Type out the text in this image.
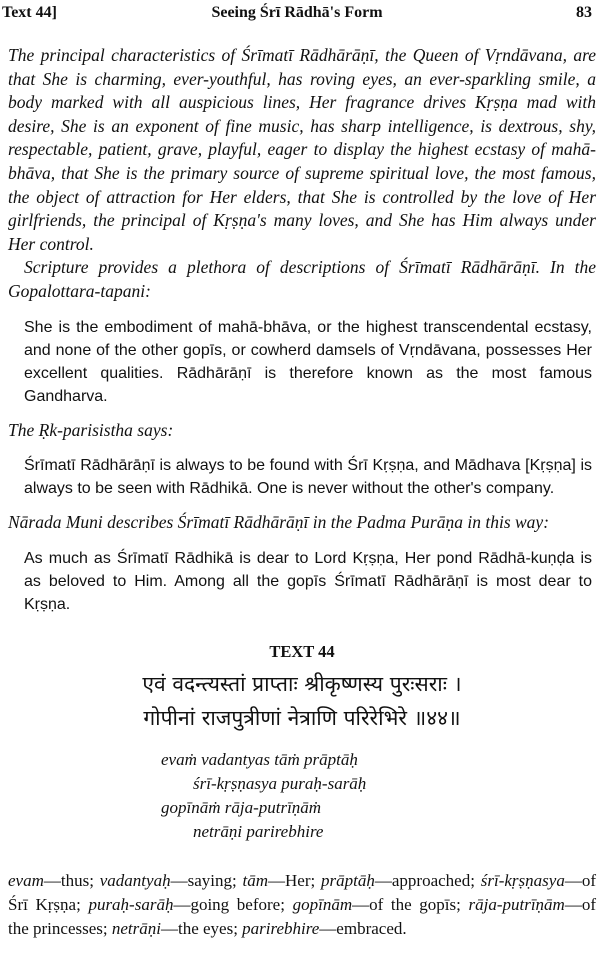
Text 44]	Seeing Śrī Rādhā's Form	83

The principal characteristics of Śrīmatī Rādhārāṇī, the Queen of Vṛndāvana, are that She is charming, ever-youthful, has roving eyes, an ever-sparkling smile, a body marked with all auspicious lines, Her fragrance drives Kṛṣṇa mad with desire, She is an exponent of fine music, has sharp intelligence, is dextrous, shy, respectable, patient, grave, playful, eager to display the highest ecstasy of mahā-bhāva, that She is the primary source of supreme spiritual love, the most famous, the object of attraction for Her elders, that She is controlled by the love of Her girlfriends, the principal of Kṛṣṇa's many loves, and She has Him always under Her control.

Scripture provides a plethora of descriptions of Śrīmatī Rādhārāṇī. In the Gopalottara-tapani:

She is the embodiment of mahā-bhāva, or the highest transcendental ecstasy, and none of the other gopīs, or cowherd damsels of Vṛndāvana, possesses Her excellent qualities. Rādhārāṇī is therefore known as the most famous Gandharva.

The Ṛk-parisistha says:

Śrīmatī Rādhārāṇī is always to be found with Śrī Kṛṣṇa, and Mādhava [Kṛṣṇa] is always to be seen with Rādhikā. One is never without the other's company.

Nārada Muni describes Śrīmatī Rādhārāṇī in the Padma Purāṇa in this way:

As much as Śrīmatī Rādhikā is dear to Lord Kṛṣṇa, Her pond Rādhā-kuṇḍa is as beloved to Him. Among all the gopīs Śrīmatī Rādhārāṇī is most dear to Kṛṣṇa.

TEXT 44
एवं वदन्त्यस्तां प्राप्ताः श्रीकृष्णस्य पुरःसराः ।
गोपीनां राजपुत्रीणां नेत्राणि परिरेभिरे ॥४४॥
evaṁ vadantyas tāṁ prāptāḥ
śrī-kṛṣṇasya puraḥ-sarāḥ
gopīnāṁ rāja-putrīṇāṁ
netrāṇi parirebhire

evam—thus; vadantyaḥ—saying; tām—Her; prāptāḥ—approached; śrī-kṛṣṇasya—of Śrī Kṛṣṇa; puraḥ-sarāḥ—going before; gopīnām—of the gopīs; rāja-putrīṇām—of the princesses; netrāṇi—the eyes; parirebhire—embraced.
